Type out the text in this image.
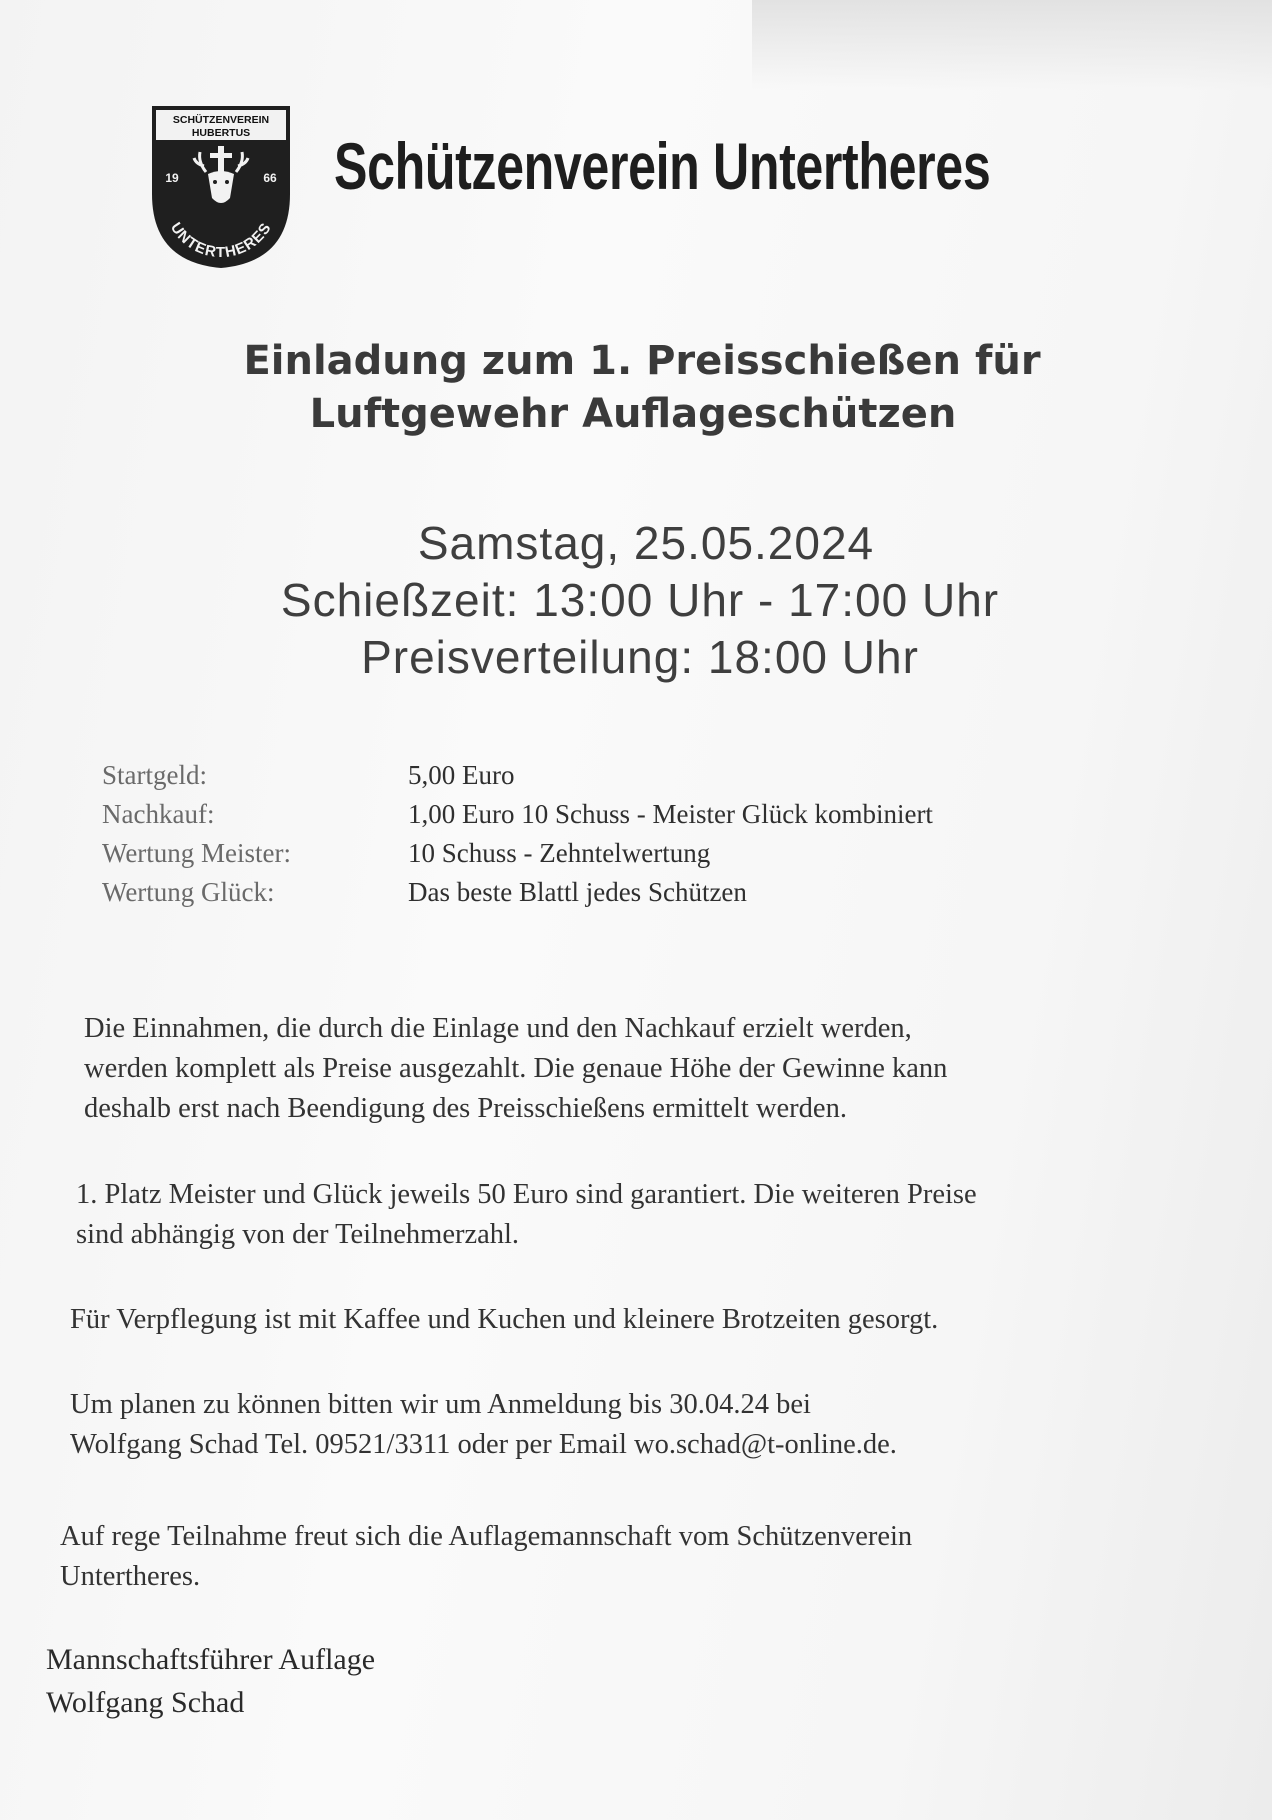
SCHÜTZENVEREIN
HUBERTUS
19	66
UNTERTHERES
Schützenverein Untertheres
Einladung zum 1. Preisschießen für
Luftgewehr Auflageschützen
Samstag, 25.05.2024
Schießzeit: 13:00 Uhr - 17:00 Uhr
Preisverteilung: 18:00 Uhr
Startgeld:	5,00 Euro
Nachkauf:	1,00 Euro 10 Schuss - Meister Glück kombiniert
Wertung Meister:	10 Schuss - Zehntelwertung
Wertung Glück:	Das beste Blattl jedes Schützen
Die Einnahmen, die durch die Einlage und den Nachkauf erzielt werden,
werden komplett als Preise ausgezahlt. Die genaue Höhe der Gewinne kann
deshalb erst nach Beendigung des Preisschießens ermittelt werden.
1. Platz Meister und Glück jeweils 50 Euro sind garantiert. Die weiteren Preise
sind abhängig von der Teilnehmerzahl.
Für Verpflegung ist mit Kaffee und Kuchen und kleinere Brotzeiten gesorgt.
Um planen zu können bitten wir um Anmeldung bis 30.04.24 bei
Wolfgang Schad Tel. 09521/3311 oder per Email wo.schad@t-online.de.
Auf rege Teilnahme freut sich die Auflagemannschaft vom Schützenverein
Untertheres.
Mannschaftsführer Auflage
Wolfgang Schad
